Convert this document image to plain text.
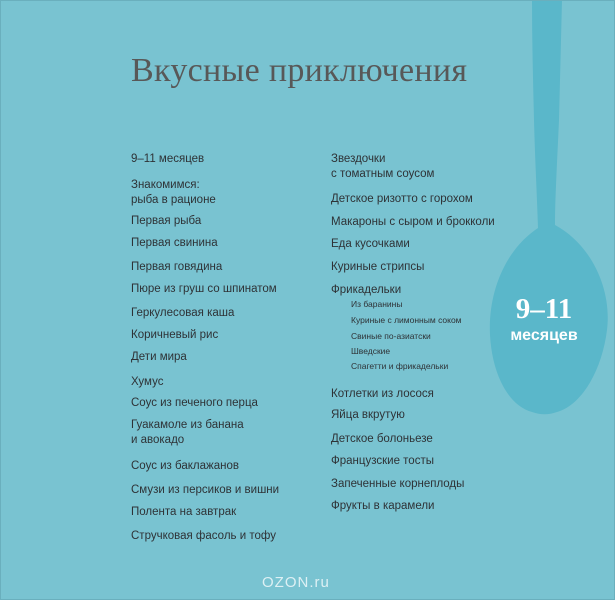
Вкусные приключения
9–11 месяцев
Знакомимся:
рыба в рационе
Первая рыба
Первая свинина
Первая говядина
Пюре из груш со шпинатом
Геркулесовая каша
Коричневый рис
Дети мира
Хумус
Соус из печеного перца
Гуакамоле из банана
и авокадо
Соус из баклажанов
Смузи из персиков и вишни
Полента на завтрак
Стручковая фасоль и тофу
Звездочки
с томатным соусом
Детское ризотто с горохом
Макароны с сыром и брокколи
Еда кусочками
Куриные стрипсы
Фрикадельки
Из баранины
Куриные с лимонным соком
Свиные по-азиатски
Шведские
Спагетти и фрикадельки
Котлетки из лосося
Яйца вкрутую
Детское болоньезе
Французские тосты
Запеченные корнеплоды
Фрукты в карамели
9–11
месяцев
OZON.ru
